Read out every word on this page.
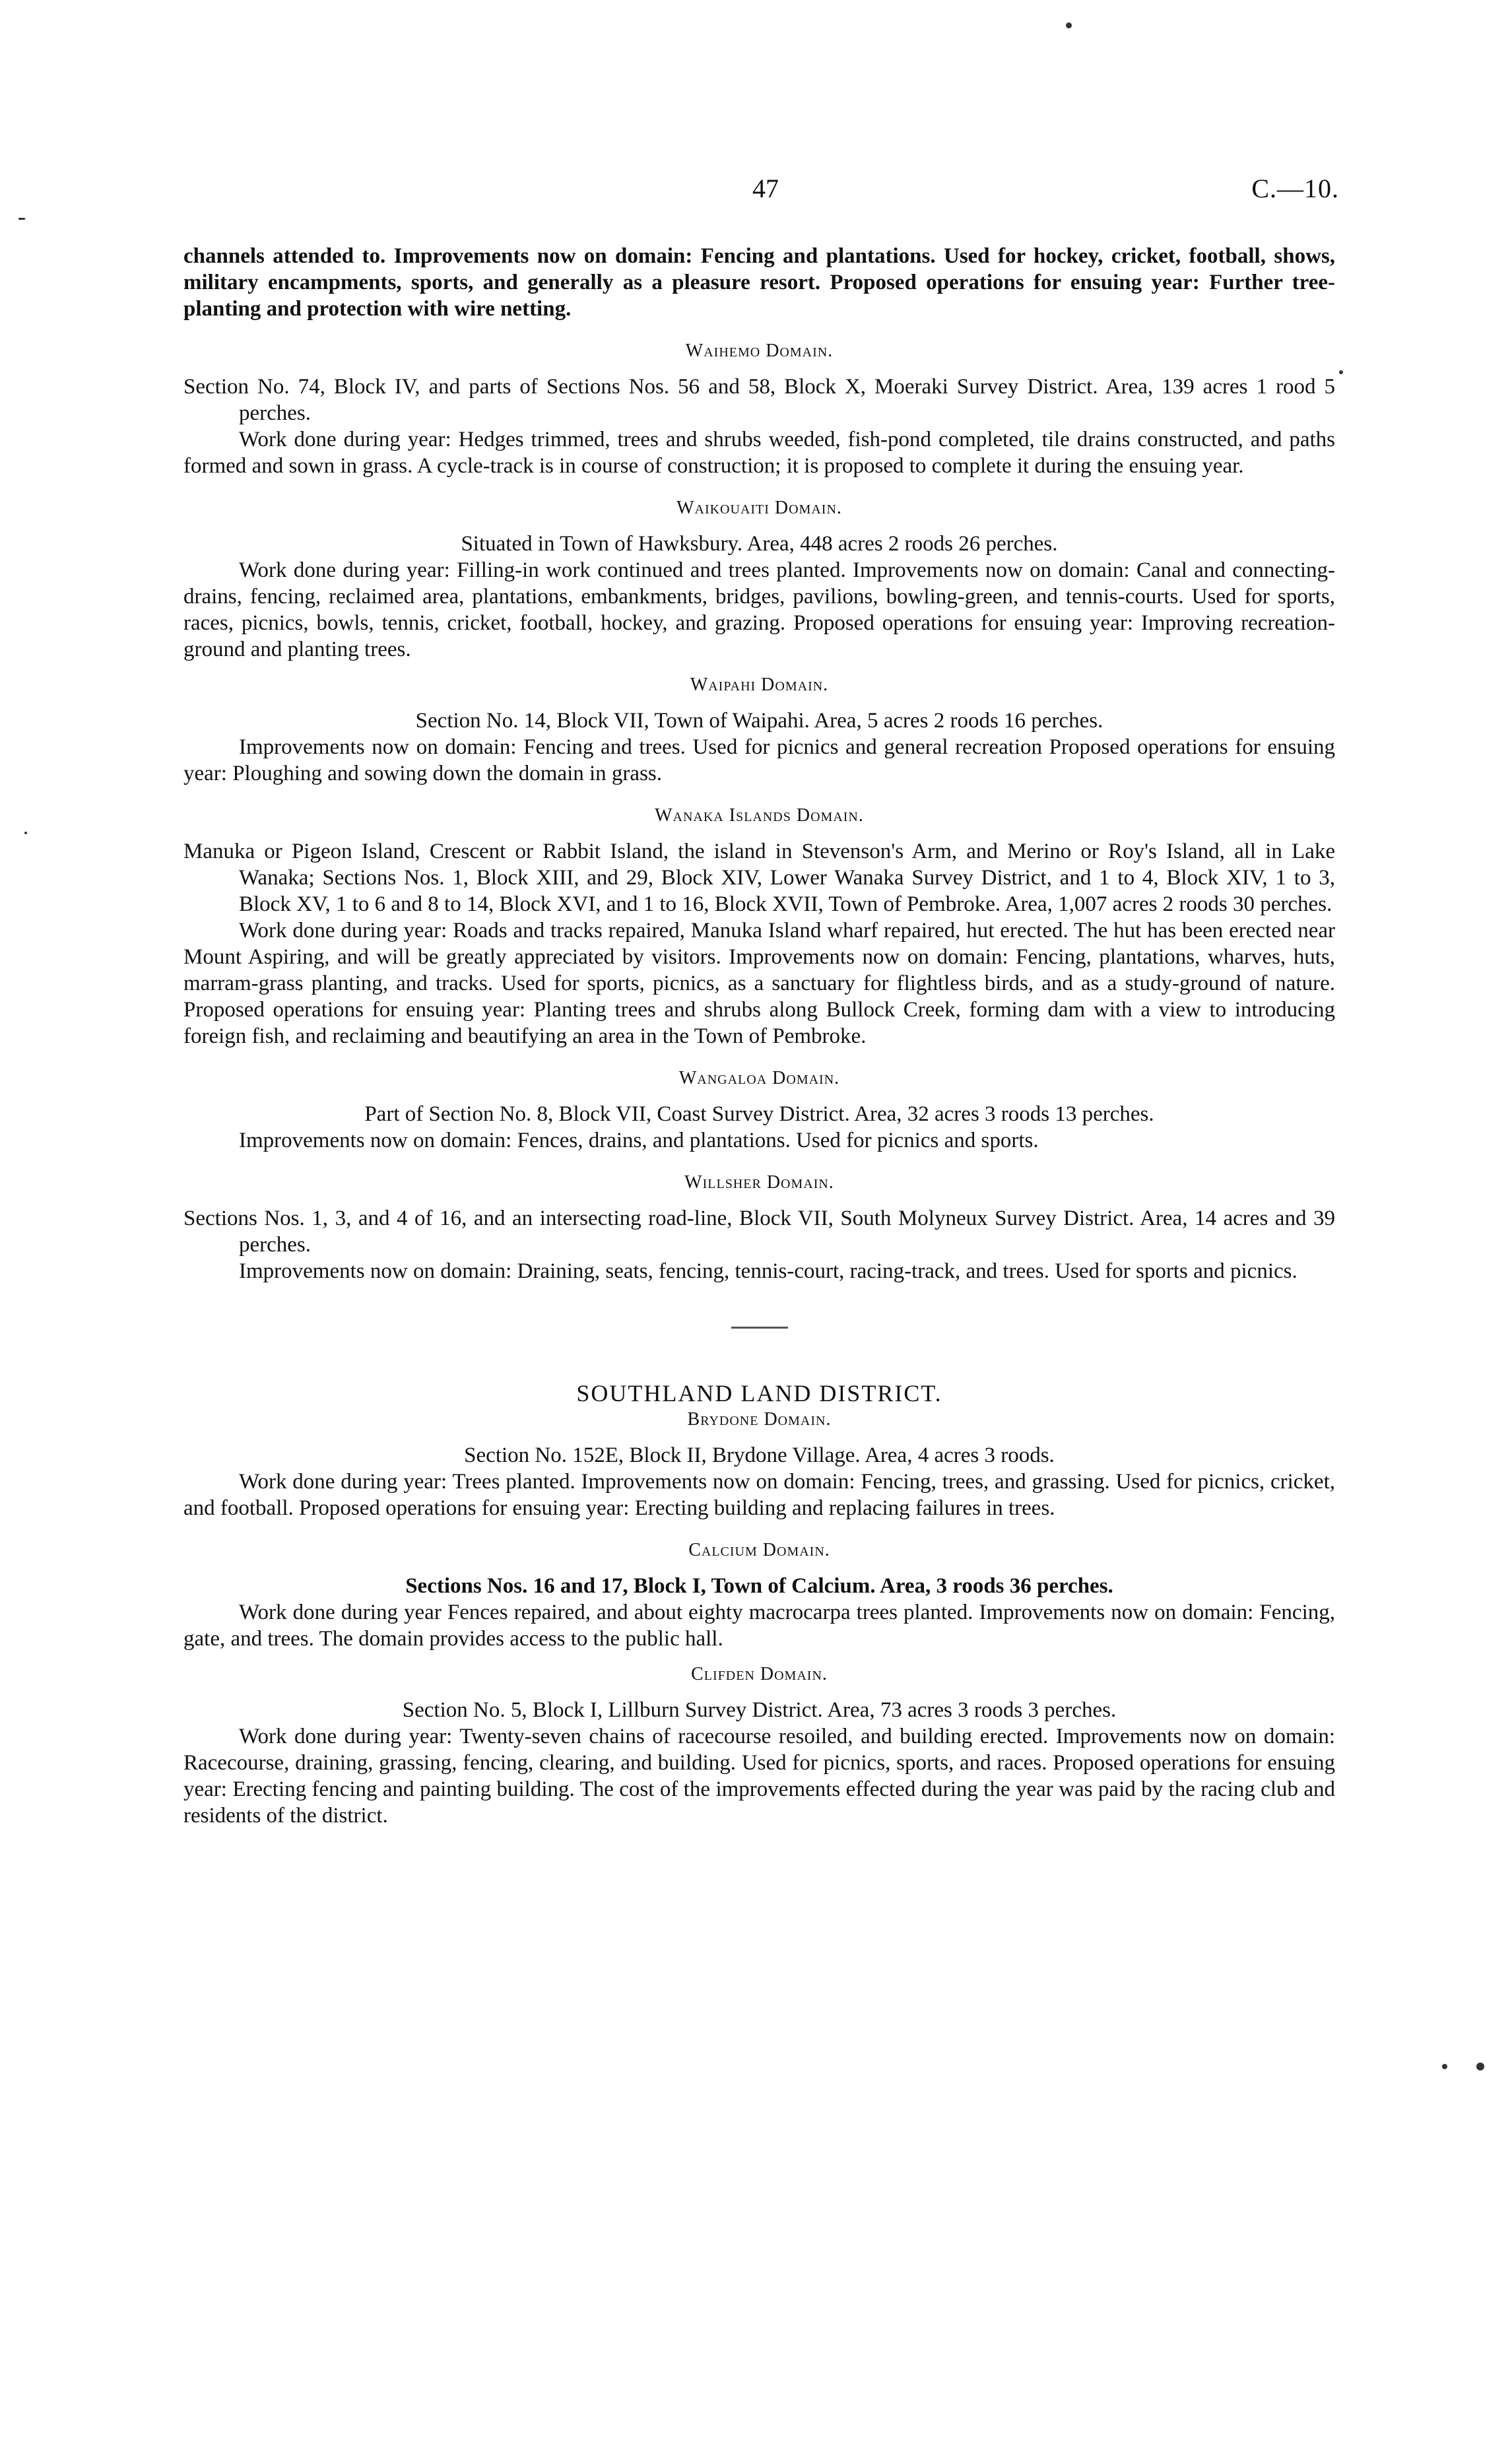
47	C.—10.

channels attended to. Improvements now on domain: Fencing and plantations. Used for hockey, cricket, football, shows, military encampments, sports, and generally as a pleasure resort. Proposed operations for ensuing year: Further tree-planting and protection with wire netting.

Waihemo Domain.

Section No. 74, Block IV, and parts of Sections Nos. 56 and 58, Block X, Moeraki Survey District. Area, 139 acres 1 rood 5 perches.

Work done during year: Hedges trimmed, trees and shrubs weeded, fish-pond completed, tile drains constructed, and paths formed and sown in grass. A cycle-track is in course of construction; it is proposed to complete it during the ensuing year.

Waikouaiti Domain.

Situated in Town of Hawksbury. Area, 448 acres 2 roods 26 perches.

Work done during year: Filling-in work continued and trees planted. Improvements now on domain: Canal and connecting-drains, fencing, reclaimed area, plantations, embankments, bridges, pavilions, bowling-green, and tennis-courts. Used for sports, races, picnics, bowls, tennis, cricket, football, hockey, and grazing. Proposed operations for ensuing year: Improving recreation-ground and planting trees.

Waipahi Domain.

Section No. 14, Block VII, Town of Waipahi. Area, 5 acres 2 roods 16 perches.

Improvements now on domain: Fencing and trees. Used for picnics and general recreation Proposed operations for ensuing year: Ploughing and sowing down the domain in grass.

Wanaka Islands Domain.

Manuka or Pigeon Island, Crescent or Rabbit Island, the island in Stevenson's Arm, and Merino or Roy's Island, all in Lake Wanaka; Sections Nos. 1, Block XIII, and 29, Block XIV, Lower Wanaka Survey District, and 1 to 4, Block XIV, 1 to 3, Block XV, 1 to 6 and 8 to 14, Block XVI, and 1 to 16, Block XVII, Town of Pembroke. Area, 1,007 acres 2 roods 30 perches.

Work done during year: Roads and tracks repaired, Manuka Island wharf repaired, hut erected. The hut has been erected near Mount Aspiring, and will be greatly appreciated by visitors. Improvements now on domain: Fencing, plantations, wharves, huts, marram-grass planting, and tracks. Used for sports, picnics, as a sanctuary for flightless birds, and as a study-ground of nature. Proposed operations for ensuing year: Planting trees and shrubs along Bullock Creek, forming dam with a view to introducing foreign fish, and reclaiming and beautifying an area in the Town of Pembroke.

Wangaloa Domain.

Part of Section No. 8, Block VII, Coast Survey District. Area, 32 acres 3 roods 13 perches.

Improvements now on domain: Fences, drains, and plantations. Used for picnics and sports.

Willsher Domain.

Sections Nos. 1, 3, and 4 of 16, and an intersecting road-line, Block VII, South Molyneux Survey District. Area, 14 acres and 39 perches.

Improvements now on domain: Draining, seats, fencing, tennis-court, racing-track, and trees. Used for sports and picnics.

SOUTHLAND LAND DISTRICT.
Brydone Domain.

Section No. 152E, Block II, Brydone Village. Area, 4 acres 3 roods.

Work done during year: Trees planted. Improvements now on domain: Fencing, trees, and grassing. Used for picnics, cricket, and football. Proposed operations for ensuing year: Erecting building and replacing failures in trees.

Calcium Domain.

Sections Nos. 16 and 17, Block I, Town of Calcium. Area, 3 roods 36 perches.

Work done during year Fences repaired, and about eighty macrocarpa trees planted. Improvements now on domain: Fencing, gate, and trees. The domain provides access to the public hall.

Clifden Domain.

Section No. 5, Block I, Lillburn Survey District. Area, 73 acres 3 roods 3 perches.

Work done during year: Twenty-seven chains of racecourse resoiled, and building erected. Improvements now on domain: Racecourse, draining, grassing, fencing, clearing, and building. Used for picnics, sports, and races. Proposed operations for ensuing year: Erecting fencing and painting building. The cost of the improvements effected during the year was paid by the racing club and residents of the district.
